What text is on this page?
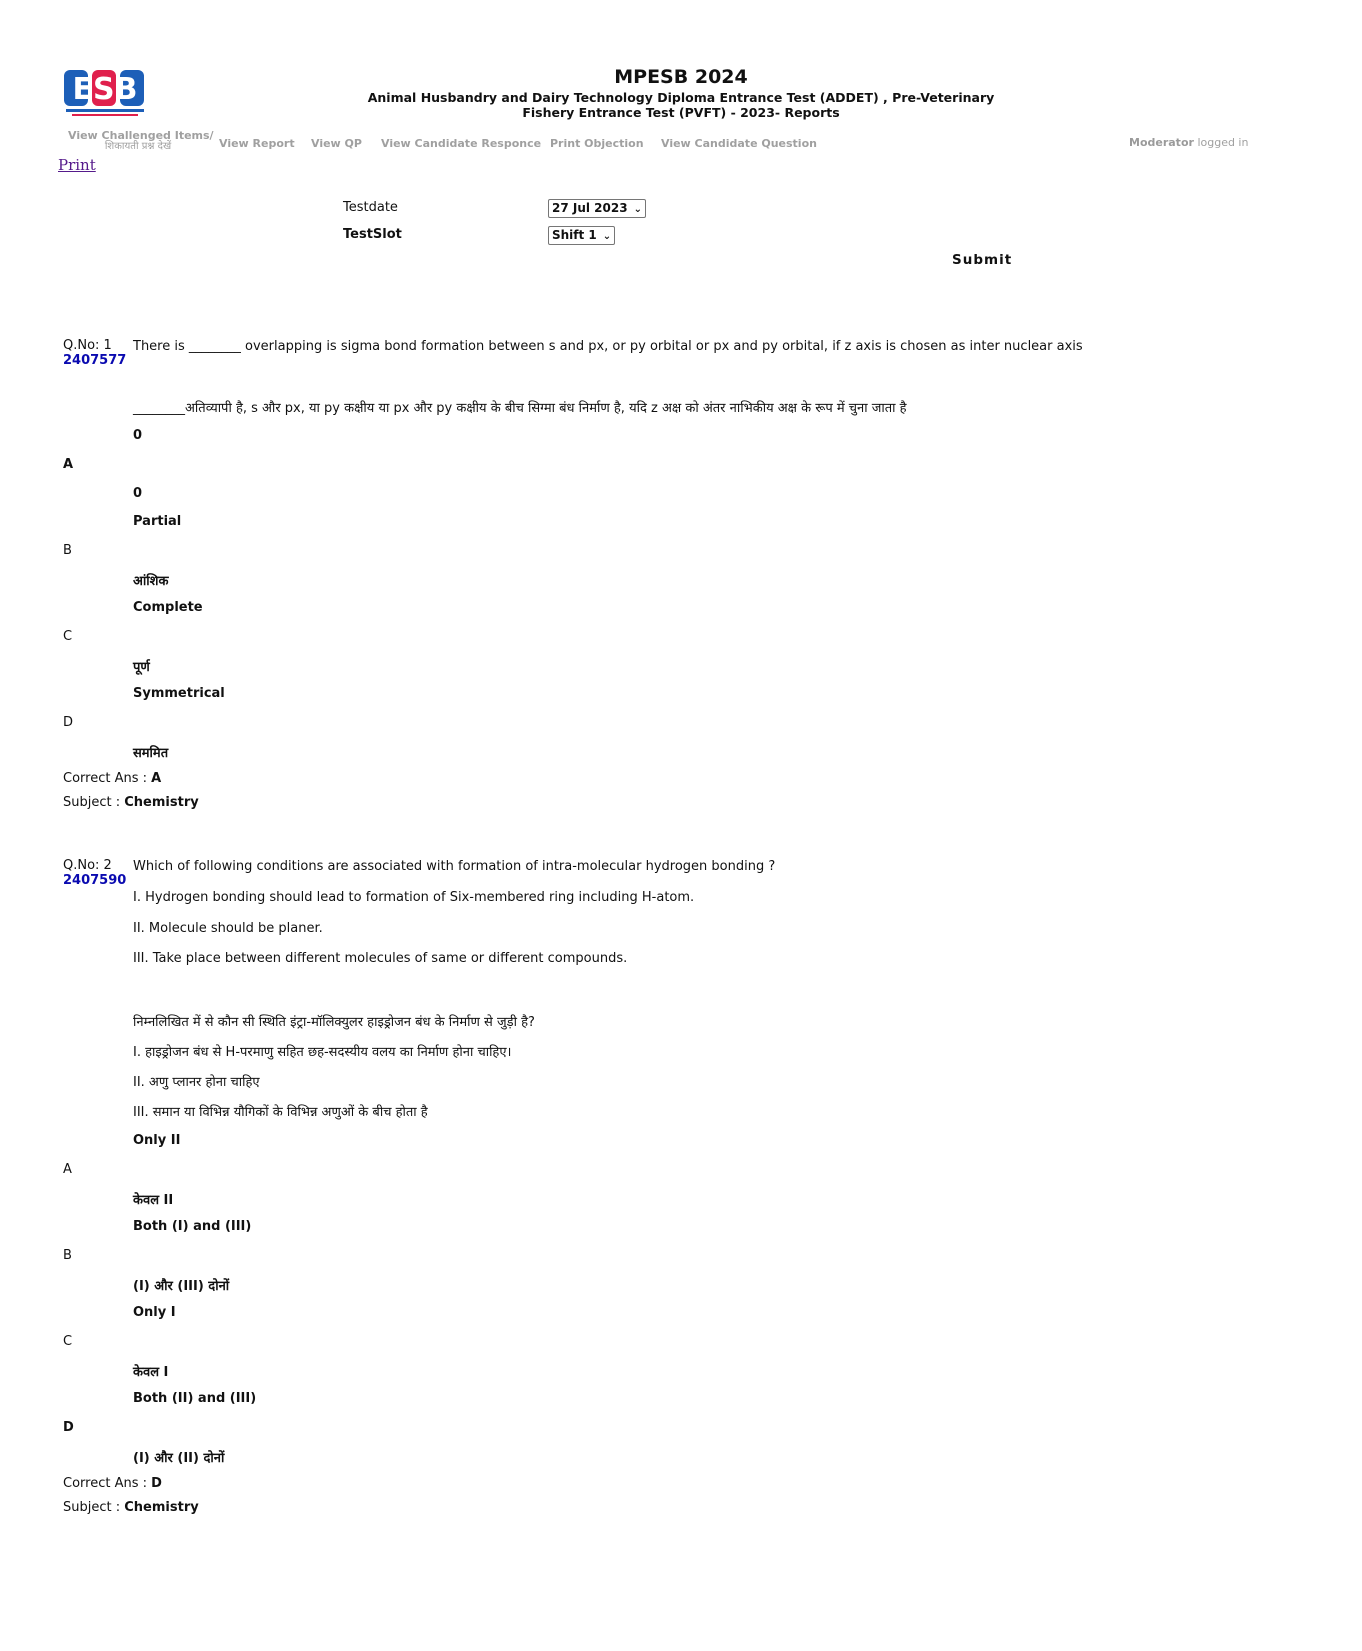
ESB	MPESB 2024
Animal Husbandry and Dairy Technology Diploma Entrance Test (ADDET) , Pre-Veterinary
Fishery Entrance Test (PVFT) - 2023- Reports
View Challenged Items/
शिकायती प्रश्न देखें	View Report View QP View Candidate Responce Print Objection View Candidate Question	Moderator logged in
Print
Testdate	27 Jul 2023 ⌄
TestSlot	Shift 1 ⌄
Submit
Q.No: 1
2407577
There is ________ overlapping is sigma bond formation between s and px, or py orbital or px and py orbital, if z axis is chosen as inter nuclear axis
________अतिव्यापी है, s और px, या py कक्षीय या px और py कक्षीय के बीच सिग्मा बंध निर्माण है, यदि z अक्ष को अंतर नाभिकीय अक्ष के रूप में चुना जाता है
0
A
0
Partial
B
आंशिक
Complete
C
पूर्ण
Symmetrical
D
सममित
Correct Ans : A
Subject : Chemistry
Q.No: 2
2407590
Which of following conditions are associated with formation of intra-molecular hydrogen bonding ?
I. Hydrogen bonding should lead to formation of Six-membered ring including H-atom.
II. Molecule should be planer.
III. Take place between different molecules of same or different compounds.
निम्नलिखित में से कौन सी स्थिति इंट्रा-मॉलिक्युलर हाइड्रोजन बंध के निर्माण से जुड़ी है?
I. हाइड्रोजन बंध से H-परमाणु सहित छह-सदस्यीय वलय का निर्माण होना चाहिए।
II. अणु प्लानर होना चाहिए
III. समान या विभिन्न यौगिकों के विभिन्न अणुओं के बीच होता है
Only II
A
केवल II
Both (I) and (III)
B
(I) और (III) दोनों
Only I
C
केवल I
Both (II) and (III)
D
(I) और (II) दोनों
Correct Ans : D
Subject : Chemistry
